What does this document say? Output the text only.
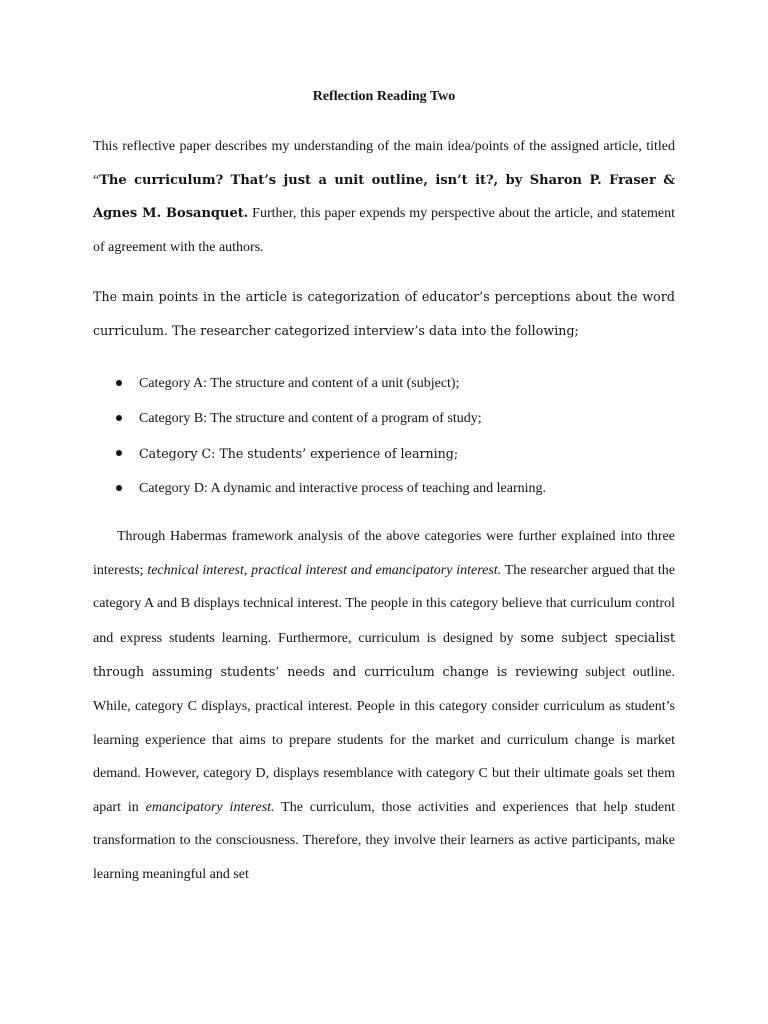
Reflection Reading Two
This reflective paper describes my understanding of the main idea/points of the assigned article, titled “The curriculum? That’s just a unit outline, isn’t it?, by Sharon P. Fraser & Agnes M. Bosanquet. Further, this paper expends my perspective about the article, and statement of agreement with the authors.
The main points in the article is categorization of educator’s perceptions about the word curriculum. The researcher categorized interview’s data into the following;
Category A: The structure and content of a unit (subject);
Category B: The structure and content of a program of study;
Category C: The students’ experience of learning;
Category D: A dynamic and interactive process of teaching and learning.
Through Habermas framework analysis of the above categories were further explained into three interests; technical interest, practical interest and emancipatory interest. The researcher argued that the category A and B displays technical interest. The people in this category believe that curriculum control and express students learning. Furthermore, curriculum is designed by some subject specialist through assuming students’ needs and curriculum change is reviewing subject outline. While, category C displays, practical interest. People in this category consider curriculum as student’s learning experience that aims to prepare students for the market and curriculum change is market demand. However, category D, displays resemblance with category C but their ultimate goals set them apart in emancipatory interest. The curriculum, those activities and experiences that help student transformation to the consciousness. Therefore, they involve their learners as active participants, make learning meaningful and set
